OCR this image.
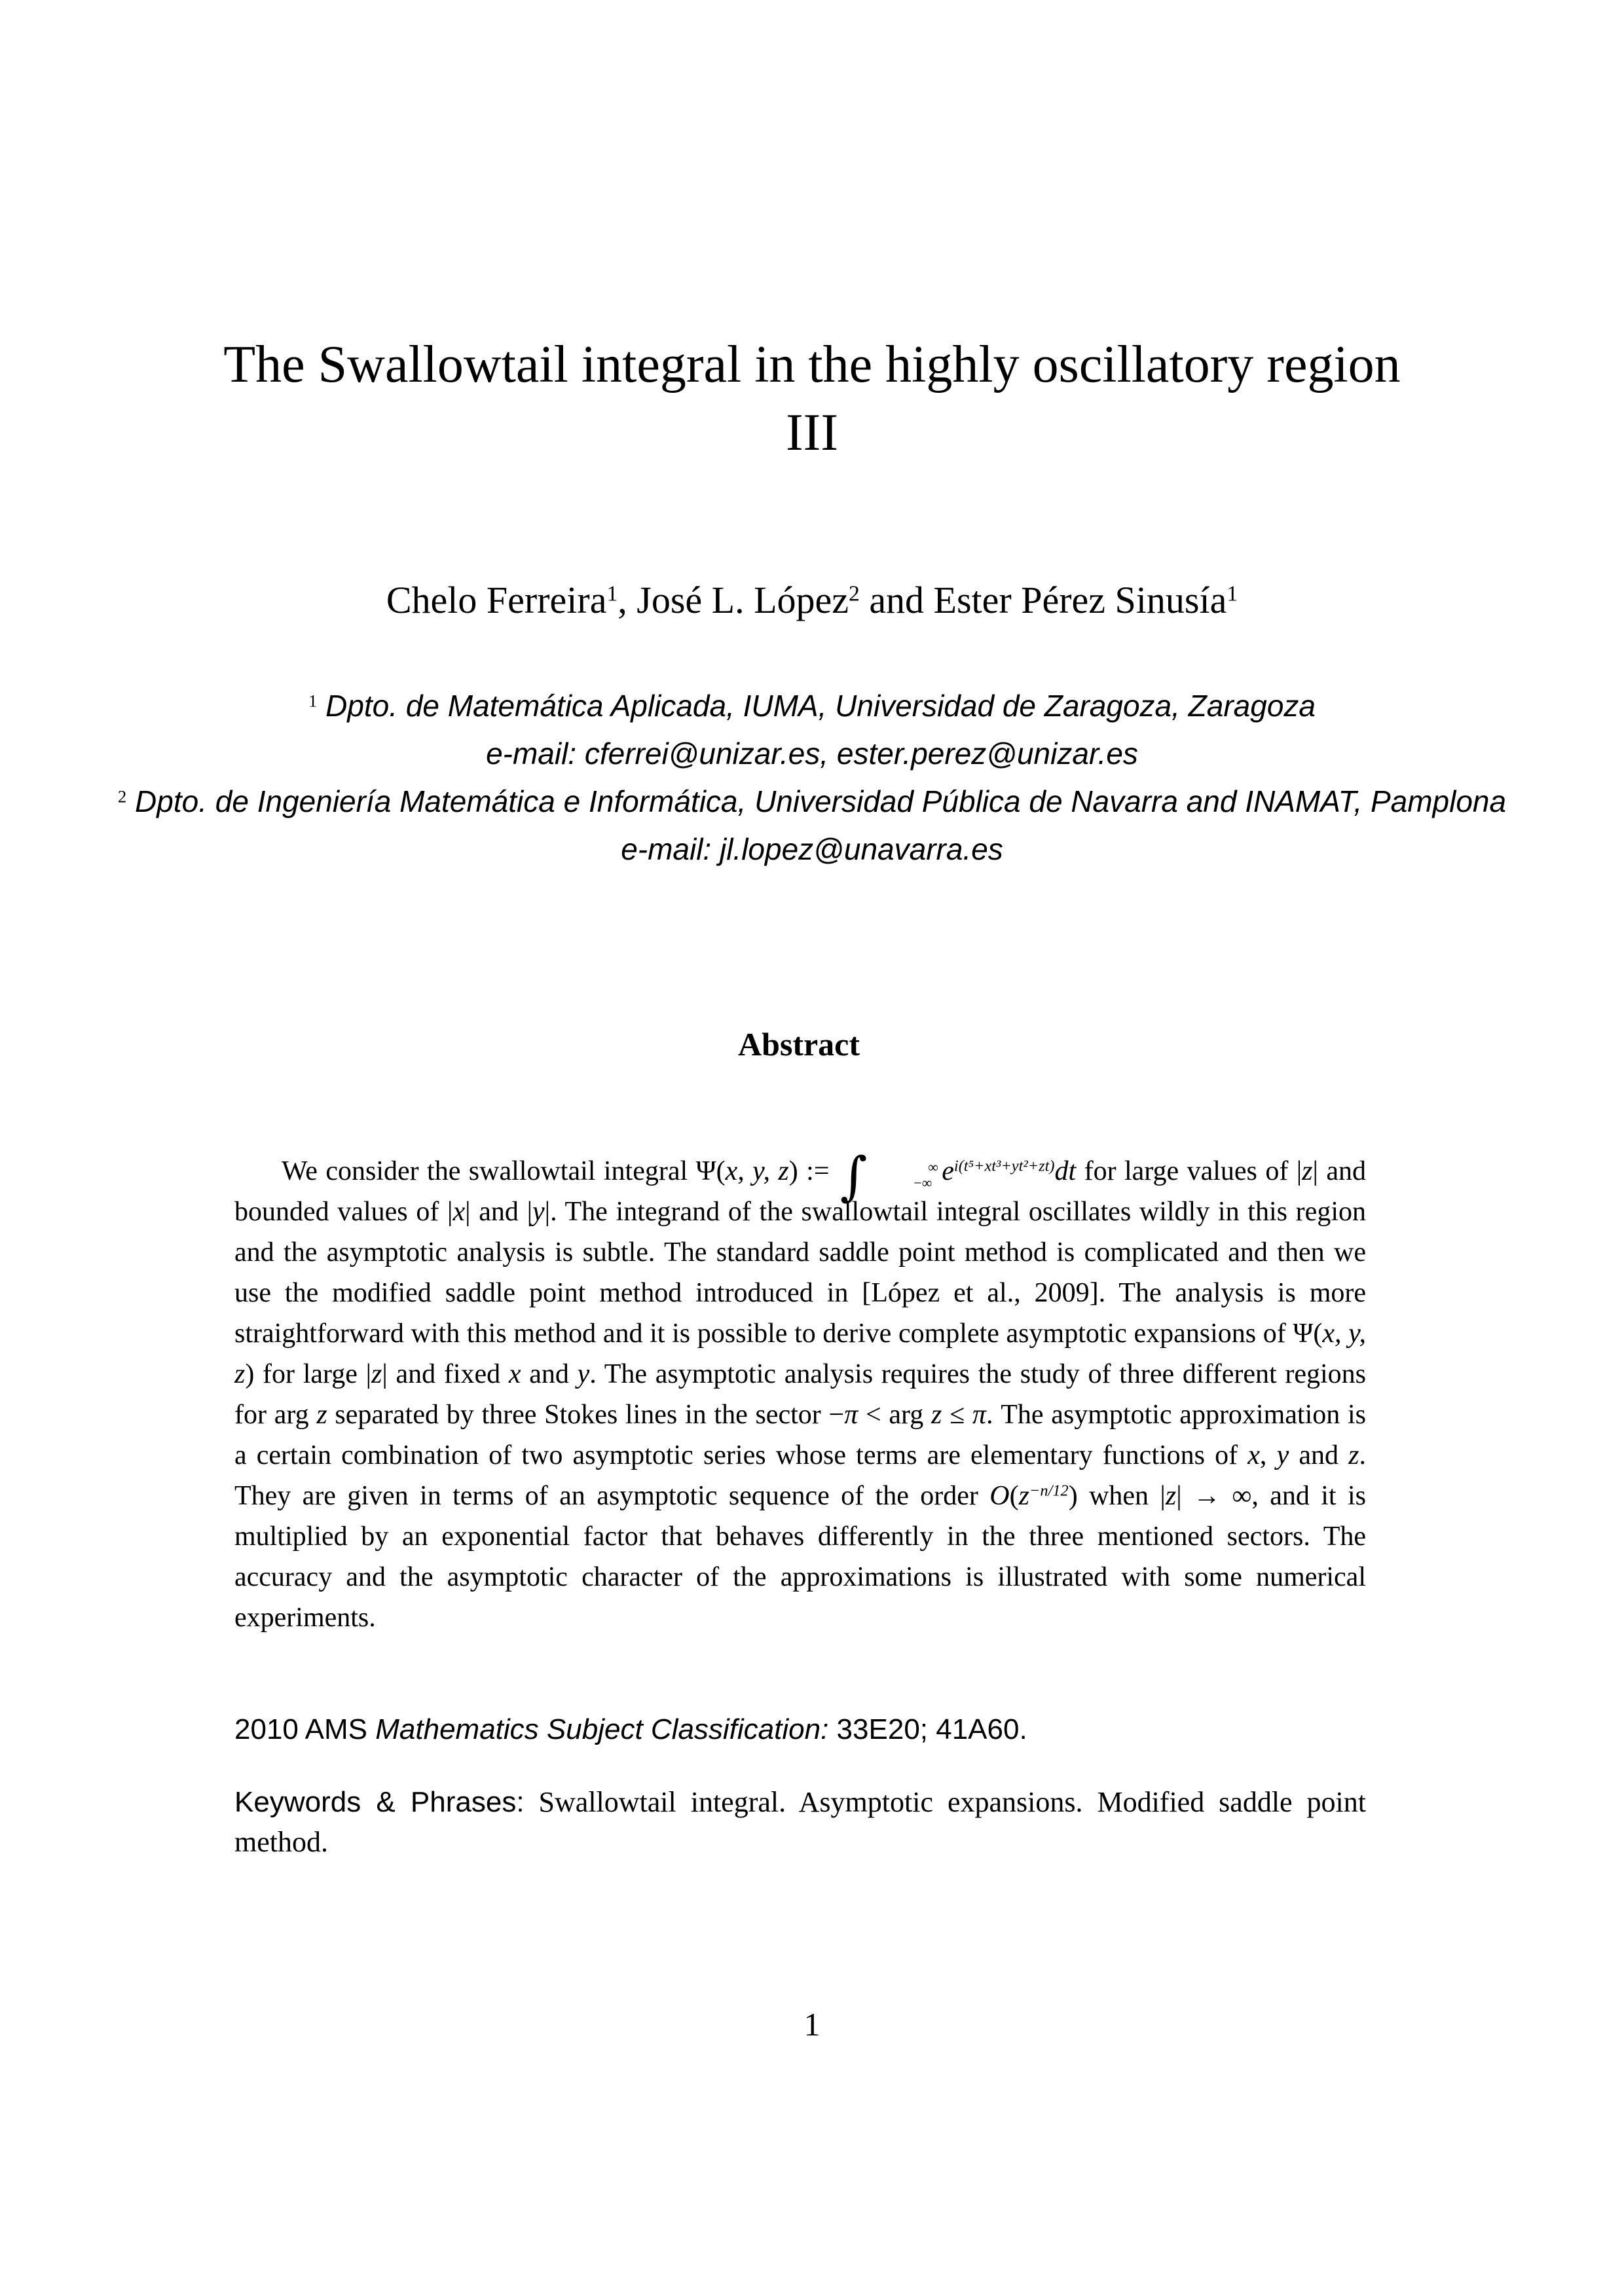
The Swallowtail integral in the highly oscillatory region
III
Chelo Ferreira$^1$, José L. López$^2$ and Ester Pérez Sinusía$^1$
$^1$ Dpto. de Matemática Aplicada, IUMA, Universidad de Zaragoza, Zaragoza
e-mail: cferrei@unizar.es, ester.perez@unizar.es
$^2$ Dpto. de Ingeniería Matemática e Informática, Universidad Pública de Navarra and INAMAT, Pamplona
e-mail: jl.lopez@unavarra.es
Abstract
We consider the swallowtail integral Ψ(x, y, z) := ∫	∞
−∞ $e^{i(t^5+xt^3+yt^2+zt)}dt$ for large values of |z| and bounded values of |x| and |y|. The integrand of the swallowtail integral oscillates wildly in this region and the asymptotic analysis is subtle. The standard saddle point method is complicated and then we use the modified saddle point method introduced in [López et al., 2009]. The analysis is more straightforward with this method and it is possible to derive complete asymptotic expansions of Ψ(x, y, z) for large |z| and fixed x and y. The asymptotic analysis requires the study of three different regions for arg z separated by three Stokes lines in the sector −π < arg z ≤ π. The asymptotic approximation is a certain combination of two asymptotic series whose terms are elementary functions of x, y and z. They are given in terms of an asymptotic sequence of the order $O(z^{-n/12})$ when |z| → ∞, and it is multiplied by an exponential factor that behaves differently in the three mentioned sectors. The accuracy and the asymptotic character of the approximations is illustrated with some numerical experiments.
2010 AMS Mathematics Subject Classification: 33E20; 41A60.
Keywords & Phrases: Swallowtail integral. Asymptotic expansions. Modified saddle point method.
1
